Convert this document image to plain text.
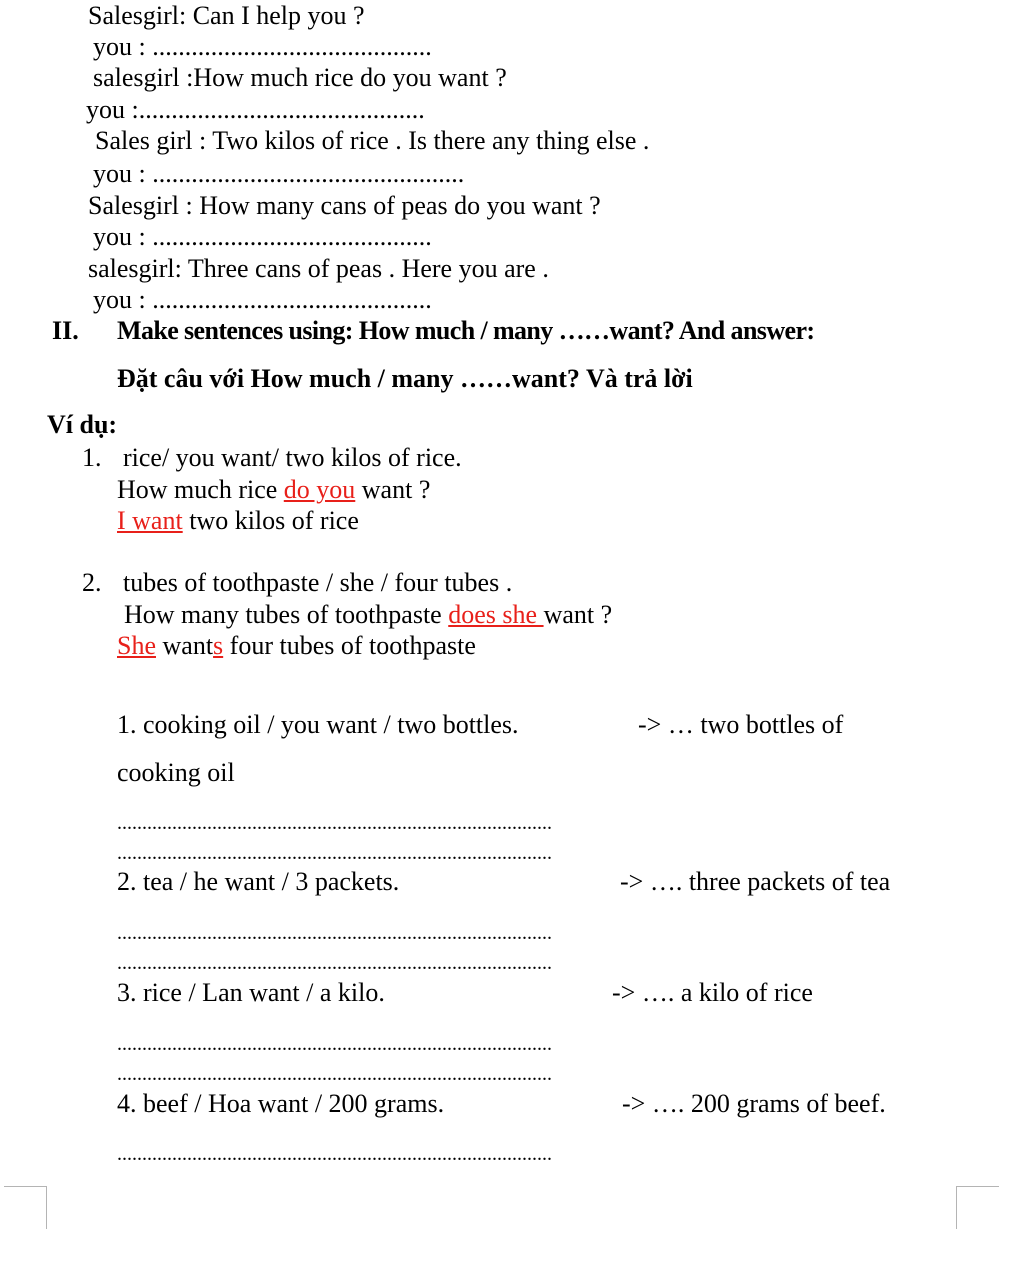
Salesgirl: Can I help you ?
you : ...........................................
salesgirl :How much rice do you want ?
you :............................................
Sales girl : Two kilos of rice . Is there any thing else .
you : ................................................
Salesgirl : How many cans of peas do you want ?
you : ...........................................
salesgirl: Three cans of peas . Here you are .
you : ...........................................
II. Make sentences using: How much / many ……want? And answer:
Đặt câu với How much / many ……want? Và trả lời
Ví dụ:
1. rice/ you want/ two kilos of rice.
How much rice do you want ?
I want two kilos of rice
2. tubes of toothpaste / she / four tubes .
How many tubes of toothpaste does she want ?
She wants four tubes of toothpaste
1. cooking oil / you want / two bottles.	-> … two bottles of
cooking oil
.......................................................................................
.......................................................................................
2. tea / he want / 3 packets.	-> …. three packets of tea
.......................................................................................
.......................................................................................
3. rice / Lan want / a kilo.	-> …. a kilo of rice
.......................................................................................
.......................................................................................
4. beef / Hoa want / 200 grams.	-> …. 200 grams of beef.
.......................................................................................
